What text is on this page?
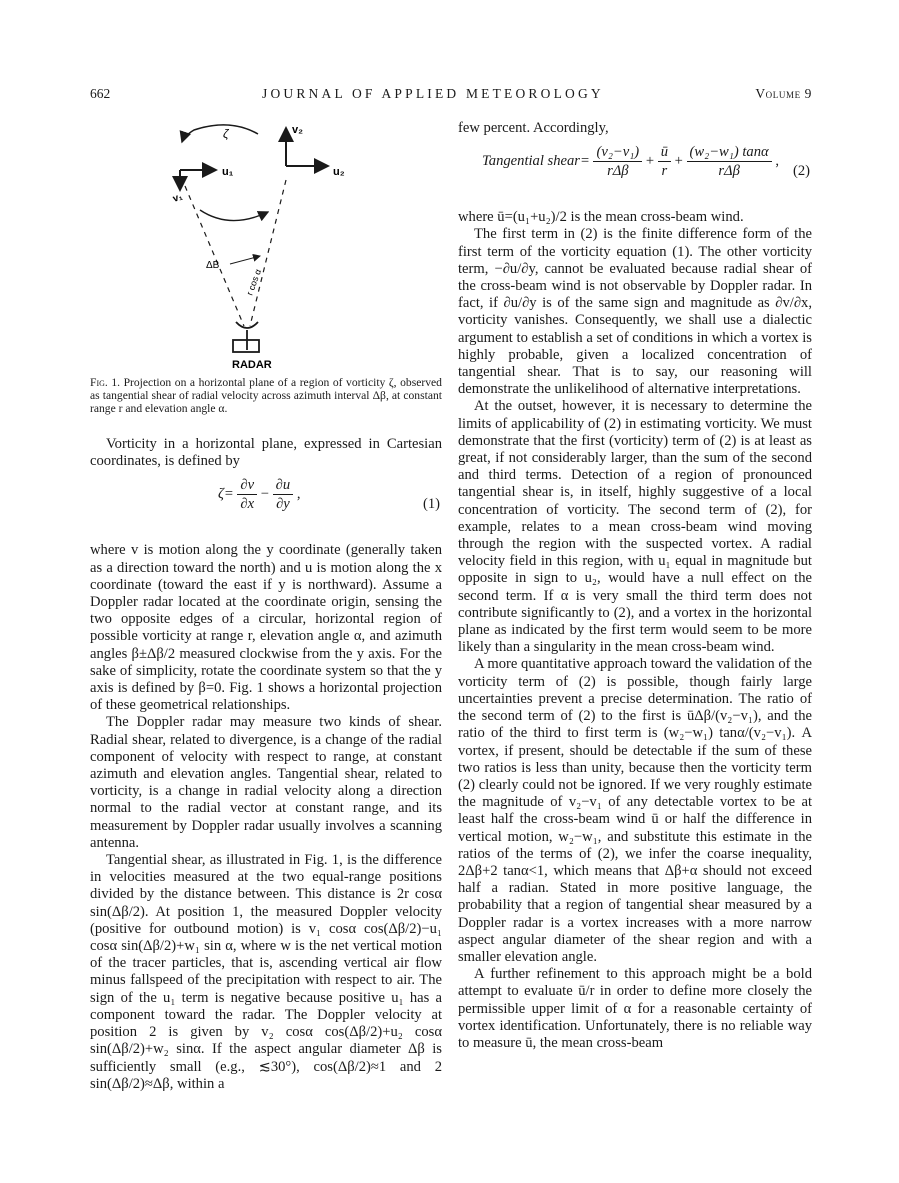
662	JOURNAL OF APPLIED METEOROLOGY	Volume 9
ζ	v₂
u₂
u₁
v₁
ΔB
r cos α
RADAR
Fig. 1. Projection on a horizontal plane of a region of vorticity ζ, observed as tangential shear of radial velocity across azimuth interval Δβ, at constant range r and elevation angle α.

Vorticity in a horizontal plane, expressed in Cartesian coordinates, is defined by

$\zeta= \frac{\partial v}{\partial x} - \frac{\partial u}{\partial y}$ ,
(1)

where v is motion along the y coordinate (generally taken as a direction toward the north) and u is motion along the x coordinate (toward the east if y is northward). Assume a Doppler radar located at the coordinate origin, sensing the two opposite edges of a circular, horizontal region of possible vorticity at range r, elevation angle α, and azimuth angles β±Δβ/2 measured clockwise from the y axis. For the sake of simplicity, rotate the coordinate system so that the y axis is defined by β=0. Fig. 1 shows a horizontal projection of these geometrical relationships.

The Doppler radar may measure two kinds of shear. Radial shear, related to divergence, is a change of the radial component of velocity with respect to range, at constant azimuth and elevation angles. Tangential shear, related to vorticity, is a change in radial velocity along a direction normal to the radial vector at constant range, and its measurement by Doppler radar usually involves a scanning antenna.

Tangential shear, as illustrated in Fig. 1, is the difference in velocities measured at the two equal-range positions divided by the distance between. This distance is 2r cosα sin(Δβ/2). At position 1, the measured Doppler velocity (positive for outbound motion) is v₁ cosα cos(Δβ/2)−u₁ cosα sin(Δβ/2)+w₁ sin α, where w is the net vertical motion of the tracer particles, that is, ascending vertical air flow minus fallspeed of the precipitation with respect to air. The sign of the u₁ term is negative because positive u₁ has a component toward the radar. The Doppler velocity at position 2 is given by v₂ cosα cos(Δβ/2)+u₂ cosα sin(Δβ/2)+w₂ sinα. If the aspect angular diameter Δβ is sufficiently small (e.g., ≲30°), cos(Δβ/2)≈1 and 2 sin(Δβ/2)≈Δβ, within a

few percent. Accordingly,

Tangential shear= $\frac{\text{(v₂−v₁)}}{\text{rΔβ}} + \frac{ū}{r} + \frac{\text{(w₂−w₁) tanα}}{\text{rΔβ}}$ ,
(2)

where ū=(u₁+u₂)/2 is the mean cross-beam wind.

The first term in (2) is the finite difference form of the first term of the vorticity equation (1). The other vorticity term, −∂u/∂y, cannot be evaluated because radial shear of the cross-beam wind is not observable by Doppler radar. In fact, if ∂u/∂y is of the same sign and magnitude as ∂v/∂x, vorticity vanishes. Consequently, we shall use a dialectic argument to establish a set of conditions in which a vortex is highly probable, given a localized concentration of tangential shear. That is to say, our reasoning will demonstrate the unlikelihood of alternative interpretations.

At the outset, however, it is necessary to determine the limits of applicability of (2) in estimating vorticity. We must demonstrate that the first (vorticity) term of (2) is at least as great, if not considerably larger, than the sum of the second and third terms. Detection of a region of pronounced tangential shear is, in itself, highly suggestive of a local concentration of vorticity. The second term of (2), for example, relates to a mean cross-beam wind moving through the region with the suspected vortex. A radial velocity field in this region, with u₁ equal in magnitude but opposite in sign to u₂, would have a null effect on the second term. If α is very small the third term does not contribute significantly to (2), and a vortex in the horizontal plane as indicated by the first term would seem to be more likely than a singularity in the mean cross-beam wind.

A more quantitative approach toward the validation of the vorticity term of (2) is possible, though fairly large uncertainties prevent a precise determination. The ratio of the second term of (2) to the first is ūΔβ/(v₂−v₁), and the ratio of the third to first term is (w₂−w₁) tanα/(v₂−v₁). A vortex, if present, should be detectable if the sum of these two ratios is less than unity, because then the vorticity term (2) clearly could not be ignored. If we very roughly estimate the magnitude of v₂−v₁ of any detectable vortex to be at least half the cross-beam wind ū or half the difference in vertical motion, w₂−w₁, and substitute this estimate in the ratios of the terms of (2), we infer the coarse inequality, 2Δβ+2 tanα<1, which means that Δβ+α should not exceed half a radian. Stated in more positive language, the probability that a region of tangential shear measured by a Doppler radar is a vortex increases with a more narrow aspect angular diameter of the shear region and with a smaller elevation angle.

A further refinement to this approach might be a bold attempt to evaluate ū/r in order to define more closely the permissible upper limit of α for a reasonable certainty of vortex identification. Unfortunately, there is no reliable way to measure ū, the mean cross-beam
